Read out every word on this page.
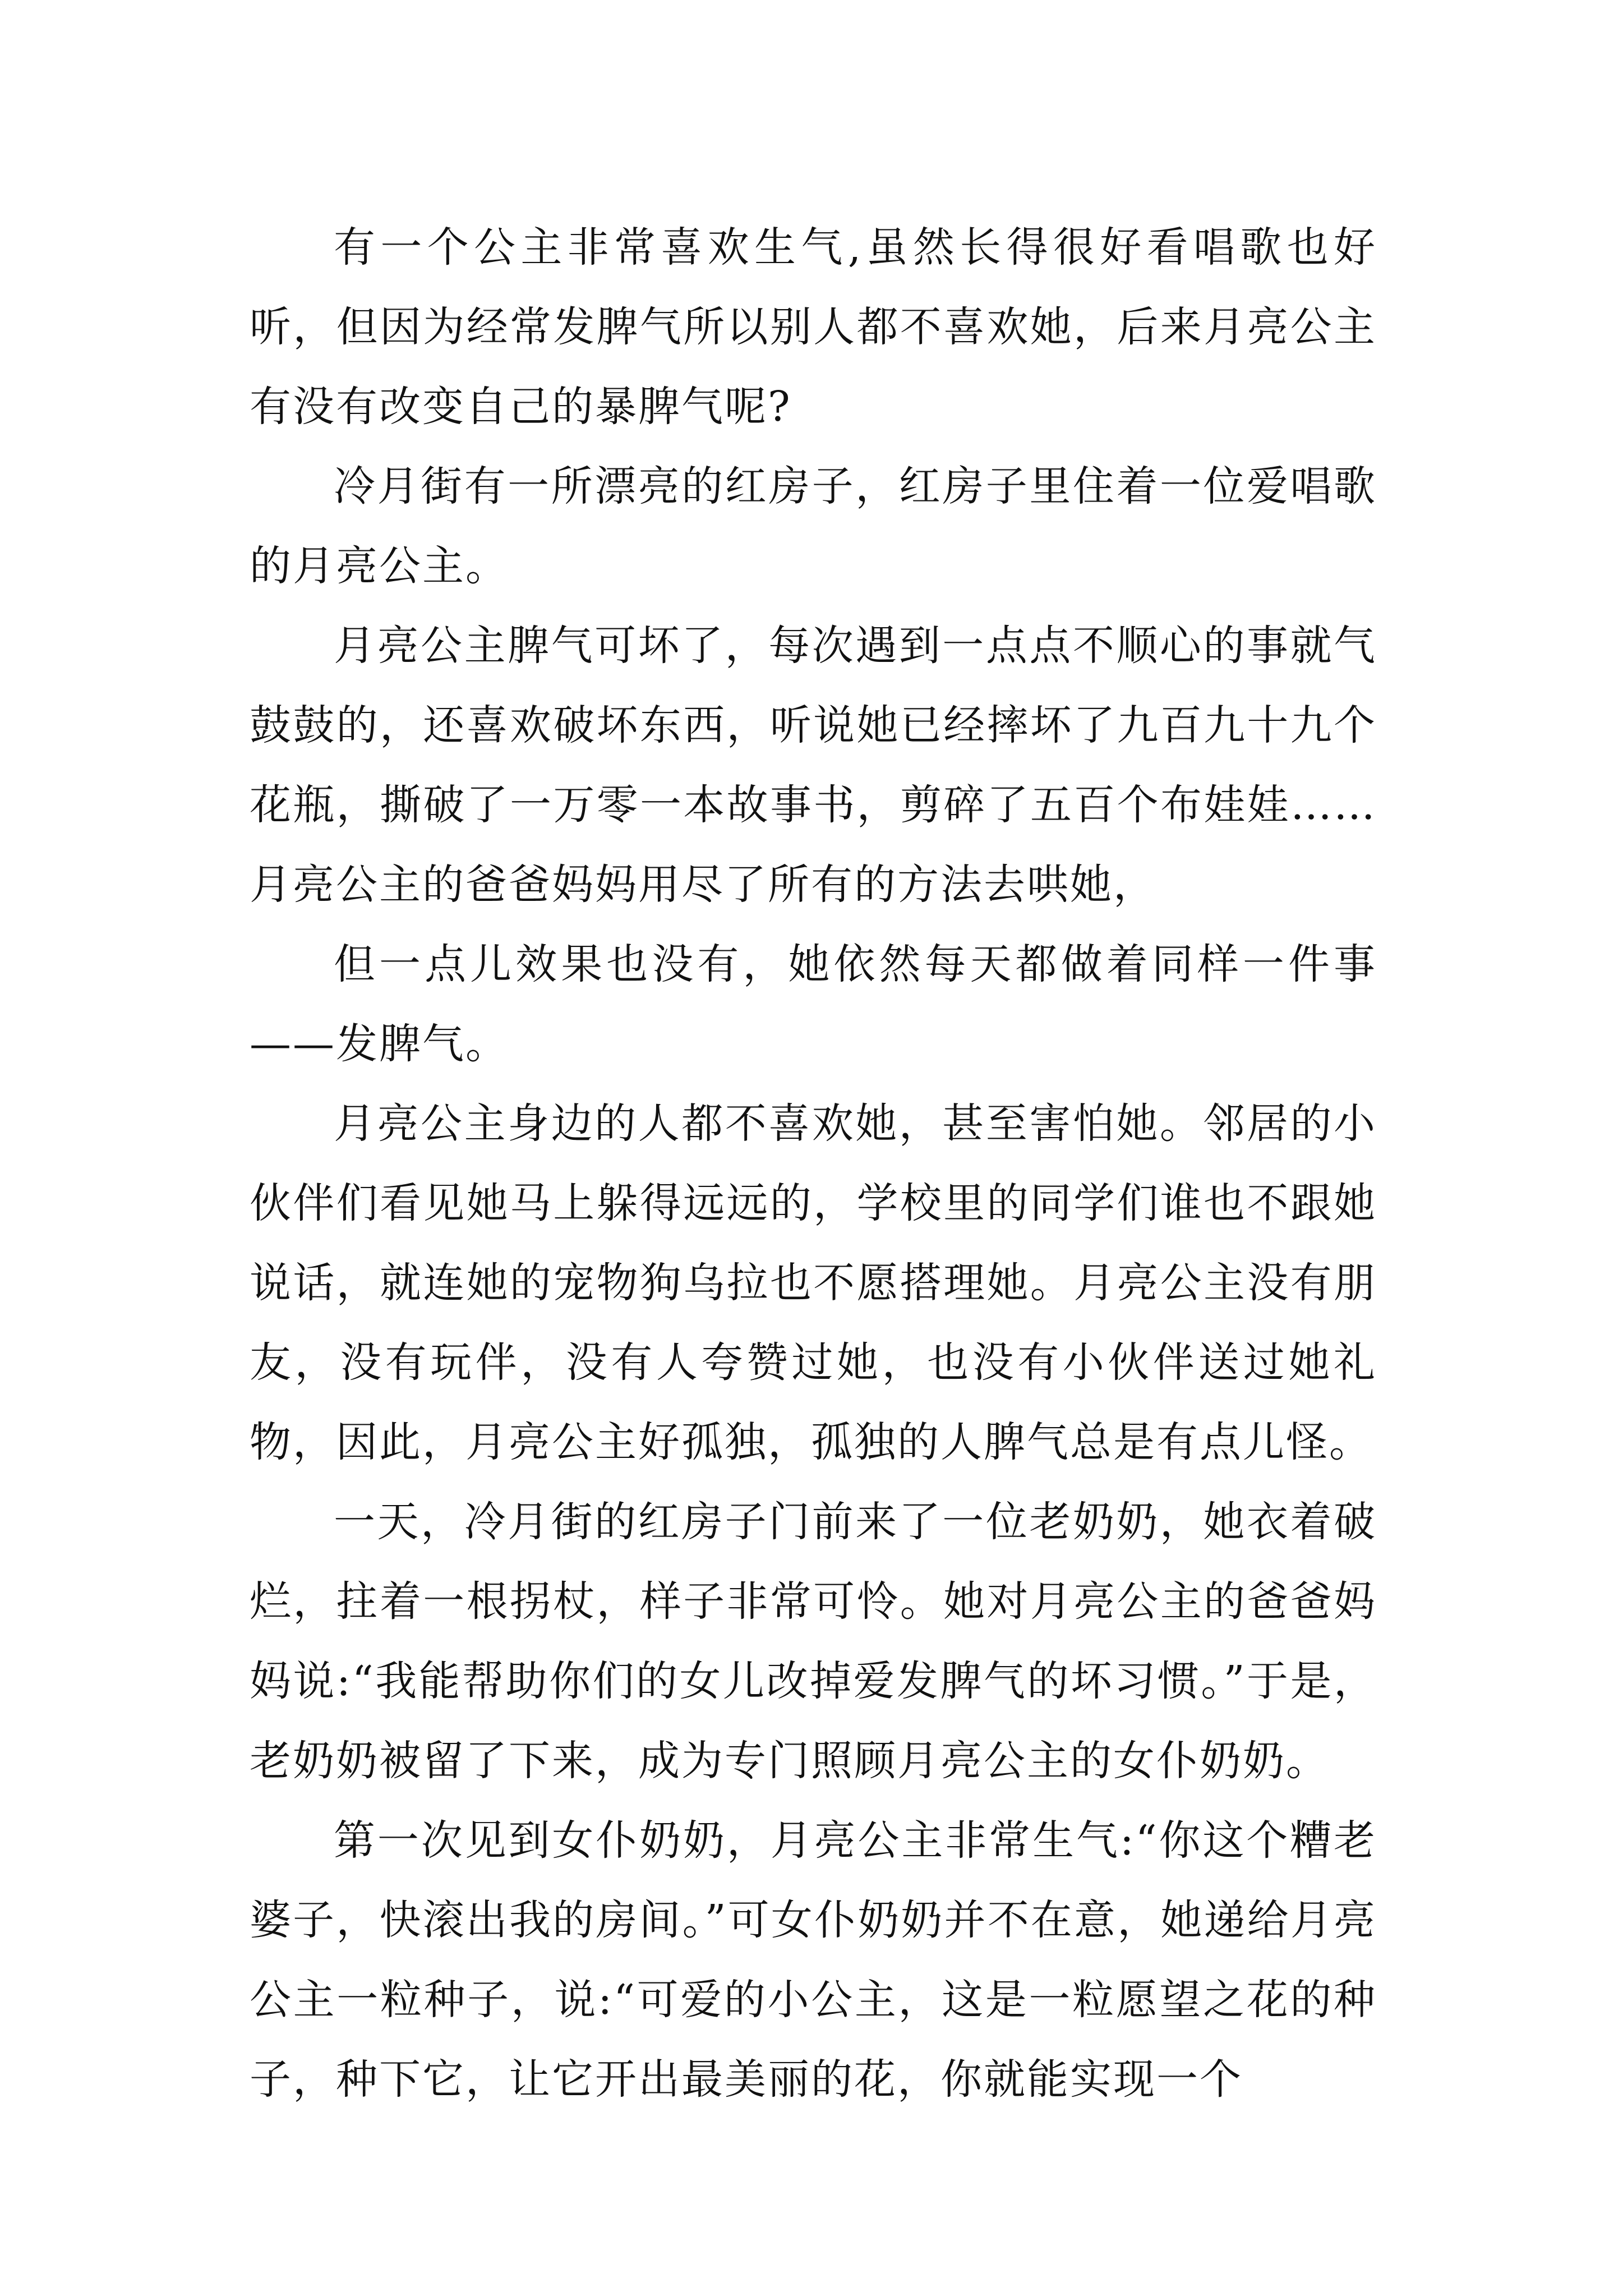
有一个公主非常喜欢生气,虽然长得很好看唱歌也好听，但因为经常发脾气所以别人都不喜欢她，后来月亮公主有没有改变自己的暴脾气呢?

冷月街有一所漂亮的红房子，红房子里住着一位爱唱歌的月亮公主。

月亮公主脾气可坏了，每次遇到一点点不顺心的事就气鼓鼓的，还喜欢破坏东西，听说她已经摔坏了九百九十九个花瓶，撕破了一万零一本故事书，剪碎了五百个布娃娃……月亮公主的爸爸妈妈用尽了所有的方法去哄她，

但一点儿效果也没有，她依然每天都做着同样一件事——发脾气。

月亮公主身边的人都不喜欢她，甚至害怕她。邻居的小伙伴们看见她马上躲得远远的，学校里的同学们谁也不跟她说话，就连她的宠物狗乌拉也不愿搭理她。月亮公主没有朋友，没有玩伴，没有人夸赞过她，也没有小伙伴送过她礼物，因此，月亮公主好孤独，孤独的人脾气总是有点儿怪。

一天，冷月街的红房子门前来了一位老奶奶，她衣着破烂，拄着一根拐杖，样子非常可怜。她对月亮公主的爸爸妈妈说:“我能帮助你们的女儿改掉爱发脾气的坏习惯。”于是，老奶奶被留了下来，成为专门照顾月亮公主的女仆奶奶。

第一次见到女仆奶奶，月亮公主非常生气:“你这个糟老婆子，快滚出我的房间。”可女仆奶奶并不在意，她递给月亮公主一粒种子，说:“可爱的小公主，这是一粒愿望之花的种子，种下它，让它开出最美丽的花，你就能实现一个
